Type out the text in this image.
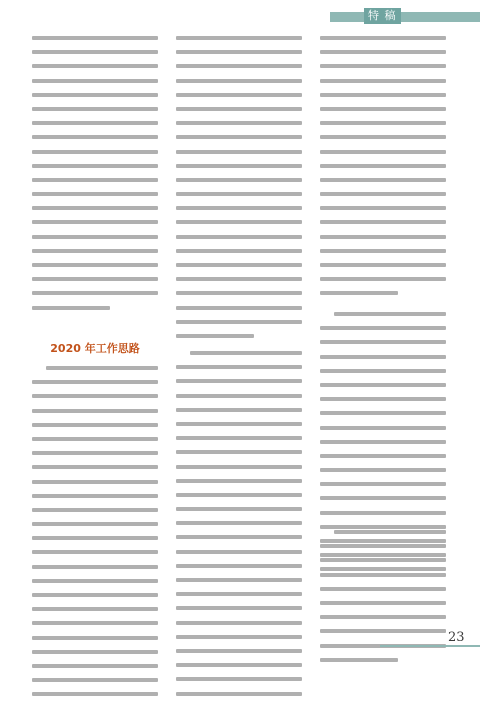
特 稿
2020 年工作思路
23
